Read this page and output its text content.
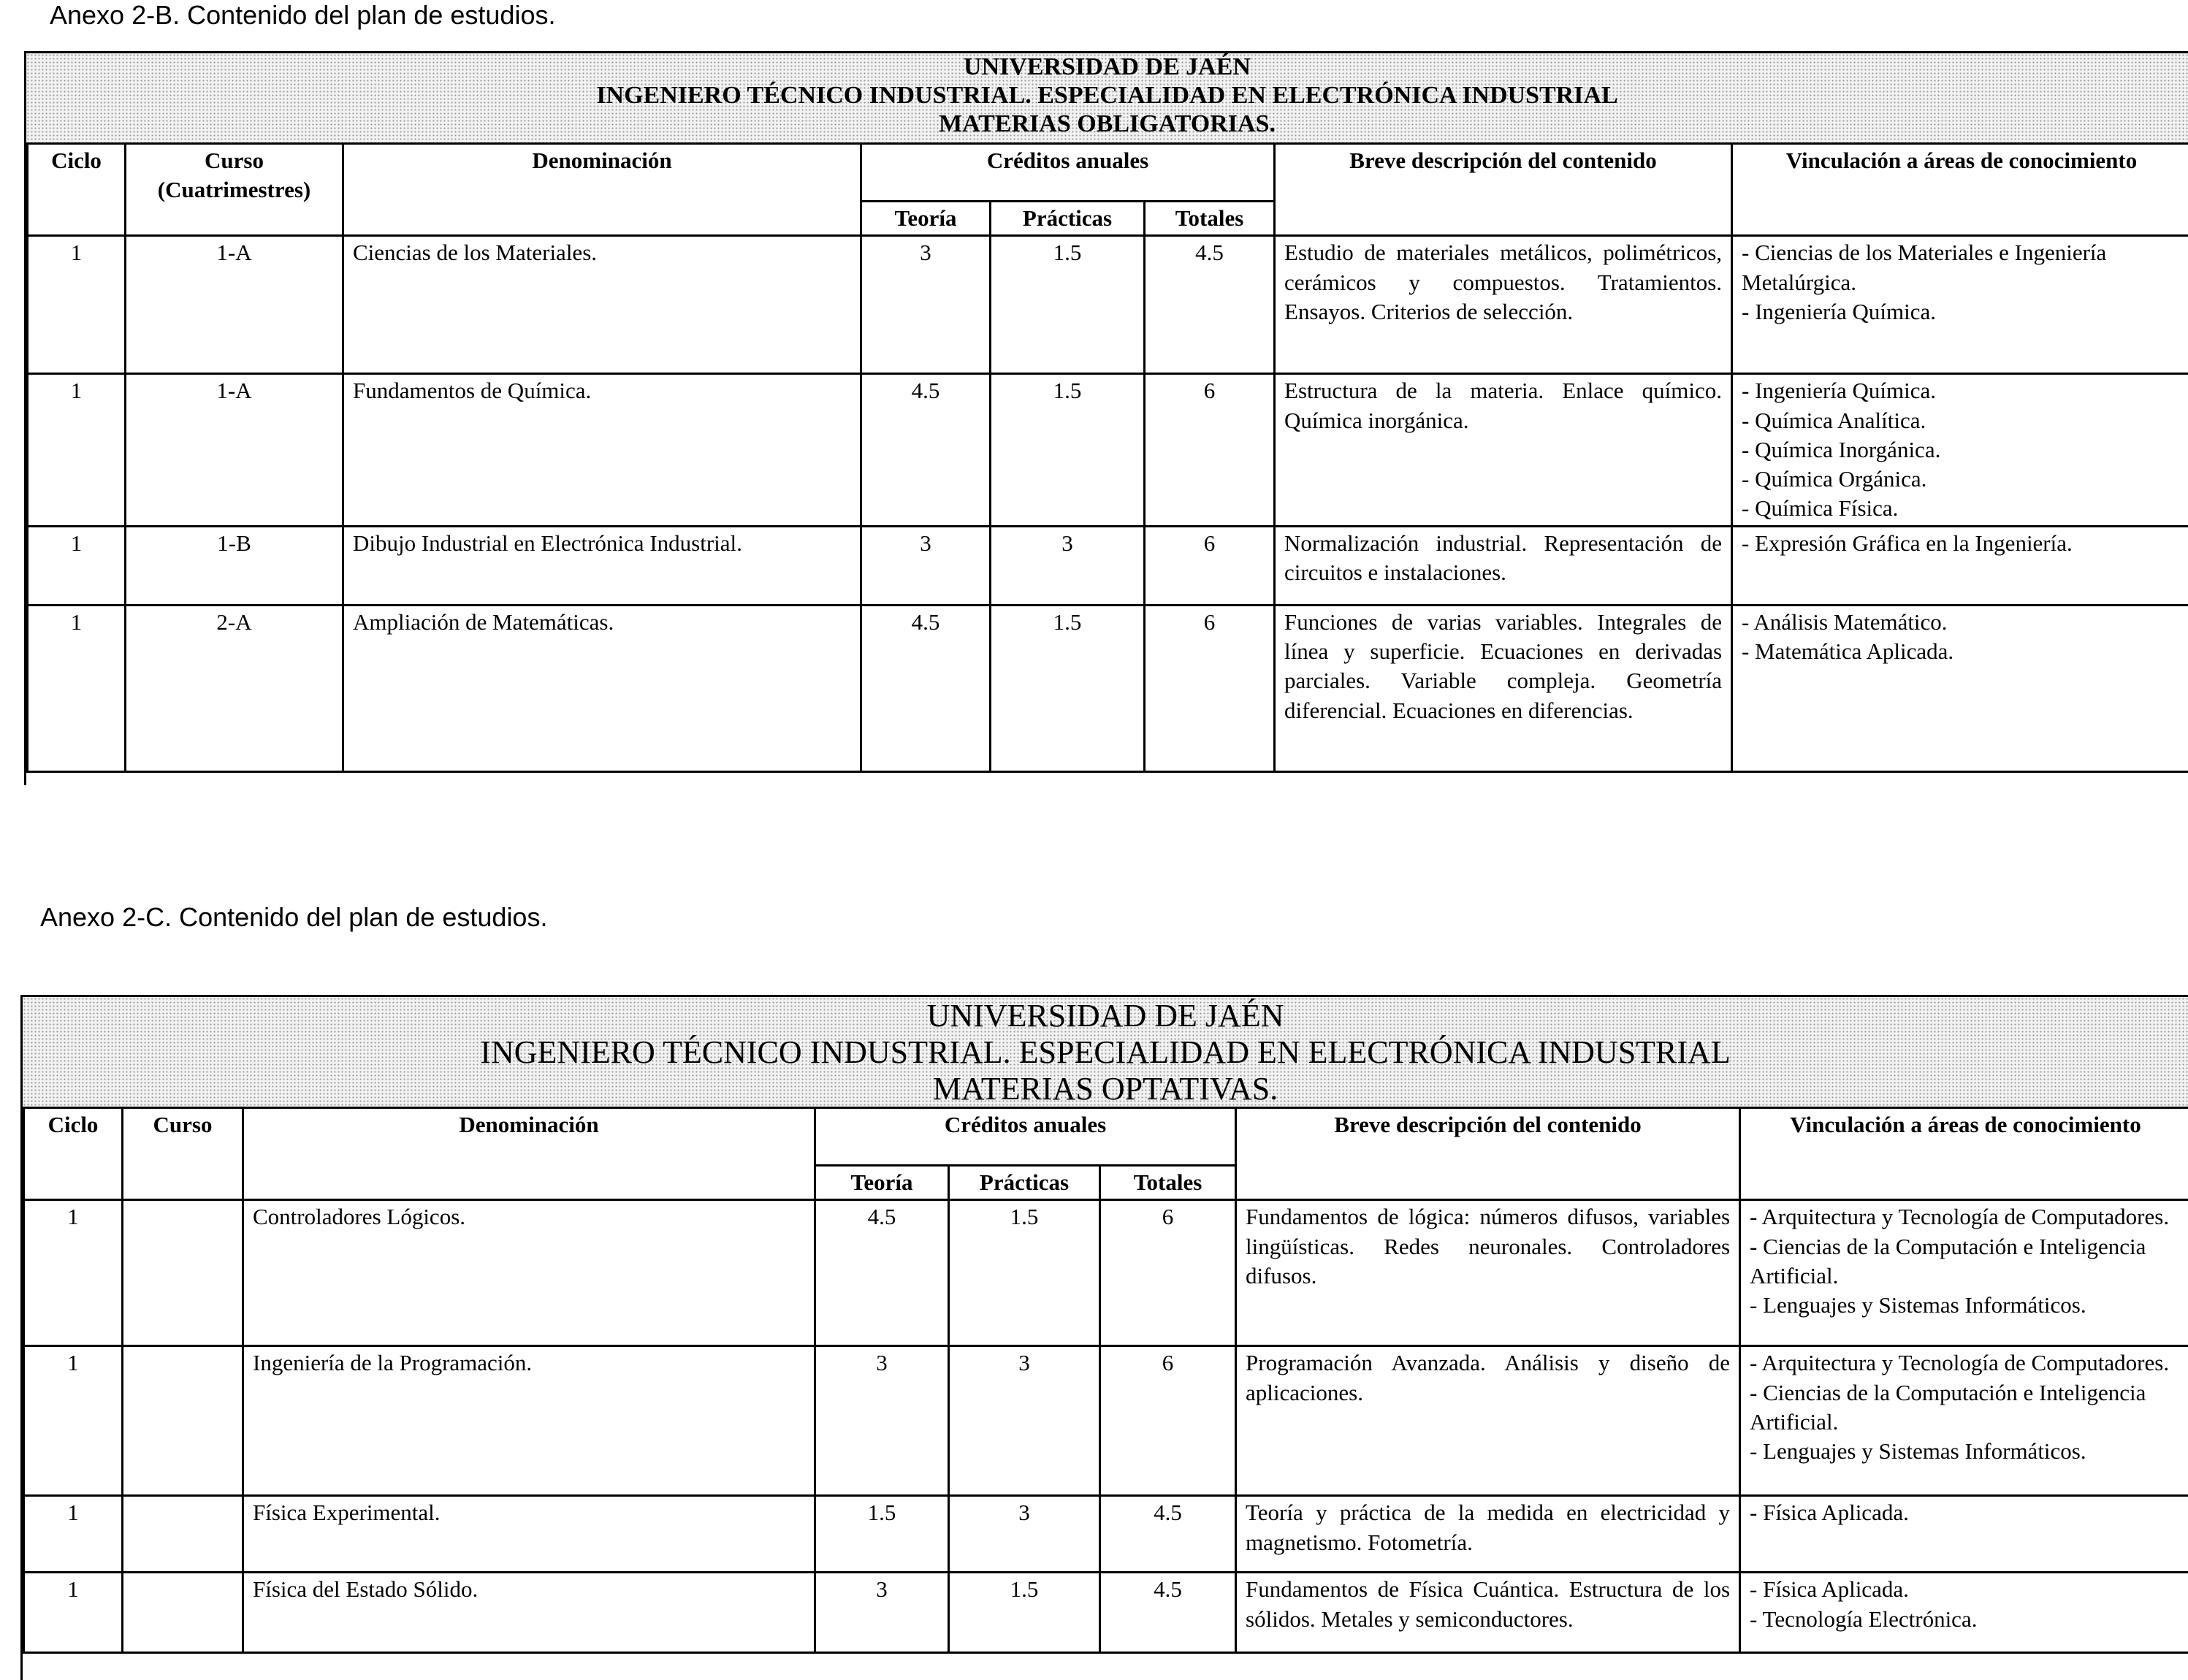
Anexo 2-B. Contenido del plan de estudios.
UNIVERSIDAD DE JAÉN
INGENIERO TÉCNICO INDUSTRIAL. ESPECIALIDAD EN ELECTRÓNICA INDUSTRIAL
MATERIAS OBLIGATORIAS.
Ciclo	Curso (Cuatrimestres)	Denominación	Créditos anuales			Breve descripción del contenido	Vinculación a áreas de conocimiento
			Teoría	Prácticas	Totales		
1	1-A	Ciencias de los Materiales.	3	1.5	4.5	Estudio de materiales metálicos, polimétricos, cerámicos y compuestos. Tratamientos. Ensayos. Criterios de selección.	- Ciencias de los Materiales e Ingeniería Metalúrgica.
- Ingeniería Química.

1	1-A	Fundamentos de Química.	4.5	1.5	6	Estructura de la materia. Enlace químico. Química inorgánica.	- Ingeniería Química.
- Química Analítica.
- Química Inorgánica.
- Química Orgánica.
- Química Física.

1	1-B	Dibujo Industrial en Electrónica Industrial.	3	3	6	Normalización industrial. Representación de circuitos e instalaciones.	- Expresión Gráfica en la Ingeniería.

1	2-A	Ampliación de Matemáticas.	4.5	1.5	6	Funciones de varias variables. Integrales de línea y superficie. Ecuaciones en derivadas parciales. Variable compleja. Geometría diferencial. Ecuaciones en diferencias.	- Análisis Matemático.
- Matemática Aplicada.
Anexo 2-C. Contenido del plan de estudios.
UNIVERSIDAD DE JAÉN
INGENIERO TÉCNICO INDUSTRIAL. ESPECIALIDAD EN ELECTRÓNICA INDUSTRIAL
MATERIAS OPTATIVAS.
Ciclo	Curso	Denominación	Créditos anuales			Breve descripción del contenido	Vinculación a áreas de conocimiento
			Teoría	Prácticas	Totales		
1		Controladores Lógicos.	4.5	1.5	6	Fundamentos de lógica: números difusos, variables lingüísticas. Redes neuronales. Controladores difusos.	- Arquitectura y Tecnología de Computadores.
- Ciencias de la Computación e Inteligencia Artificial.
- Lenguajes y Sistemas Informáticos.

1		Ingeniería de la Programación.	3	3	6	Programación Avanzada. Análisis y diseño de aplicaciones.	- Arquitectura y Tecnología de Computadores.
- Ciencias de la Computación e Inteligencia Artificial.
- Lenguajes y Sistemas Informáticos.

1		Física Experimental.	1.5	3	4.5	Teoría y práctica de la medida en electricidad y magnetismo. Fotometría.	- Física Aplicada.

1		Física del Estado Sólido.	3	1.5	4.5	Fundamentos de Física Cuántica. Estructura de los sólidos. Metales y semiconductores.	- Física Aplicada.
- Tecnología Electrónica.
